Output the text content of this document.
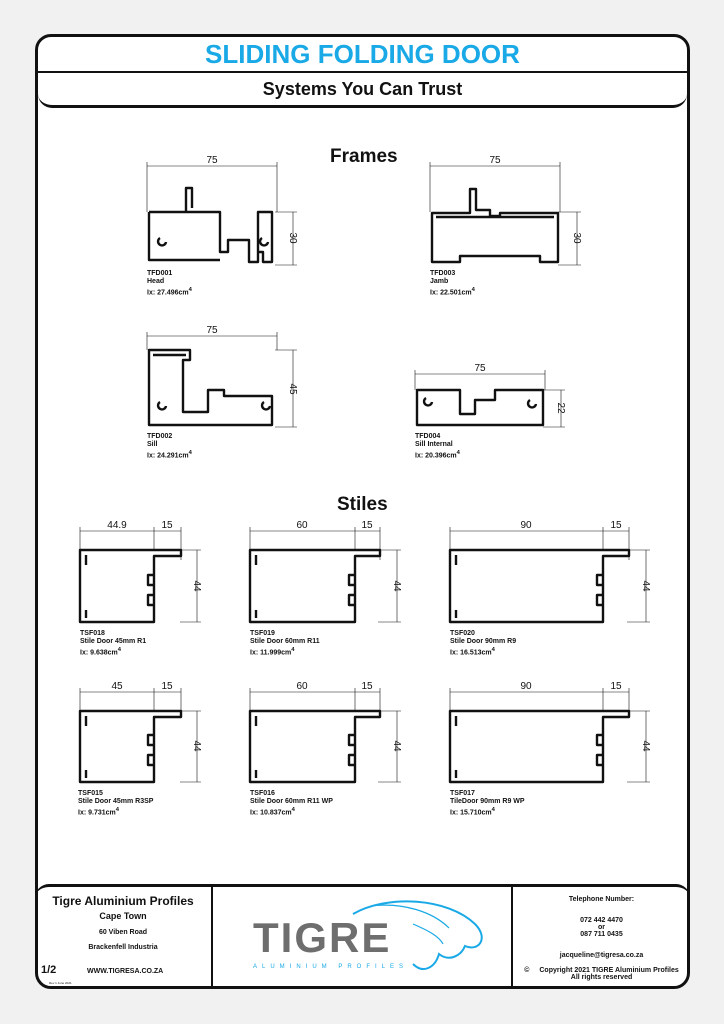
SLIDING FOLDING DOOR
Systems You Can Trust
Frames
Stiles
75
30
75
30
75
45
75
22
44.9	15
44
60	15
44
90	15
44
45	15
44
60	15
44
90	15
44
TFD001
Head
Ix: $27.496cm^4$
TFD003
Jamb
Ix: $22.501cm^4$
TFD002
Sill
Ix: $24.291cm^4$
TFD004
Sill Internal
Ix: $20.396cm^4$
TSF018
Stile Door 45mm R1
Ix: $9.638cm^4$
TSF019
Stile Door 60mm R11
Ix: $11.999cm^4$
TSF020
Stile Door 90mm R9
Ix: $16.513cm^4$
TSF015
Stile Door 45mm R3SP
Ix: $9.731cm^4$
TSF016
Stile Door 60mm R11 WP
Ix: $10.837cm^4$
TSF017
TileDoor 90mm R9 WP
Ix: $15.710cm^4$
Tigre Aluminium Profiles
Cape Town
60 Viben Road
Brackenfell Industria
1/2	WWW.TIGRESA.CO.ZA
Rev 1 June 2021
TIGRE
ALUMINIUM PROFILES
Telephone Number:
072 442 4470
or
087 711 0435
jacqueline@tigresa.co.za
© Copyright 2021 TIGRE Aluminium Profiles
All rights reserved
